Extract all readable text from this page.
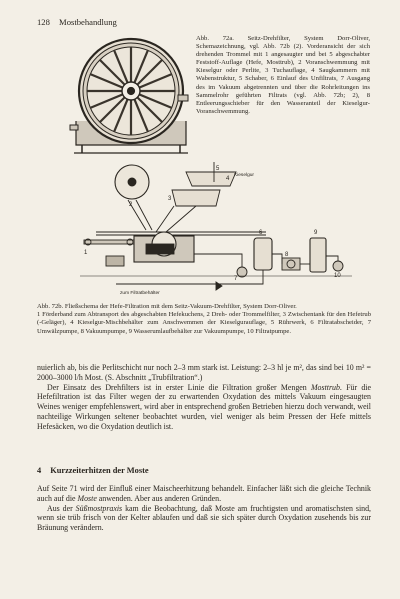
128 Mostbehandlung
Abb. 72a. Seitz-Drehfilter, System Dorr-Oliver, Schemazeichnung, vgl. Abb. 72b (2). Vorderansicht der sich drehenden Trommel mit 1 angesaugter und bei 5 abgeschabter Feststoff-Auflage (Hefe, Mosttrub), 2 Voranschwemmung mit Kieselgur oder Perlite, 3 Tuchauflage, 4 Saugkammern mit Wabenstruktur, 5 Schaber, 6 Einlauf des Unfiltrats, 7 Ausgang des im Vakuum abgetrennten und über die Rohrleitungen ins Sammelrohr geführten Filtrats (vgl. Abb. 72b; 2), 8 Entleerungsschieber für den Wasseranteil der Kieselgur-Voranschwemmung.
2
3
4
5
1
6
7
8
9
10
Kieselgur
zum Filtratbehälter

Abb. 72b. Fließschema der Hefe-Filtration mit dem Seitz-Vakuum-Drehfilter, System Dorr-Oliver.

1 Förderband zum Abtransport des abgeschabten Hefekuchens, 2 Dreh- oder Trommelfilter, 3 Zwischentank für den Hefetrub (-Geläger), 4 Kieselgur-Mischbehälter zum Anschwemmen der Kieselgurauflage, 5 Rührwerk, 6 Filtratabscheider, 7 Umwälzpumpe, 8 Vakuumpumpe, 9 Wasserumlaufbehälter zur Vakuumpumpe, 10 Filtratpumpe.

nuierlich ab, bis die Perlitschicht nur noch 2–3 mm stark ist. Leistung: 2–3 hl je m², das sind bei 10 m² = 2000–3000 l/h Most. (S. Abschnitt „Trubfiltration“.)

Der Einsatz des Drehfilters ist in erster Linie die Filtration großer Mengen Mosttrub. Für die Hefefiltration ist das Filter wegen der zu erwartenden Oxydation des mittels Vakuum eingesaugten Weines weniger empfehlenswert, wird aber in entsprechend großen Betrieben hierzu doch verwandt, weil nachteilige Wirkungen seltener beobachtet wurden, viel weniger als beim Pressen der Hefe mittels Hefesäcken, wo die Oxydation deutlich ist.

4 Kurzzeiterhitzen der Moste

Auf Seite 71 wird der Einfluß einer Maischeerhitzung behandelt. Einfacher läßt sich die gleiche Technik auch auf die Moste anwenden. Aber aus anderen Gründen.

Aus der Süßmostpraxis kam die Beobachtung, daß Moste am fruchtigsten und aromatischsten sind, wenn sie trüb frisch von der Kelter ablaufen und daß sie sich später durch Oxydation zusehends bis zur Bräunung verändern.
